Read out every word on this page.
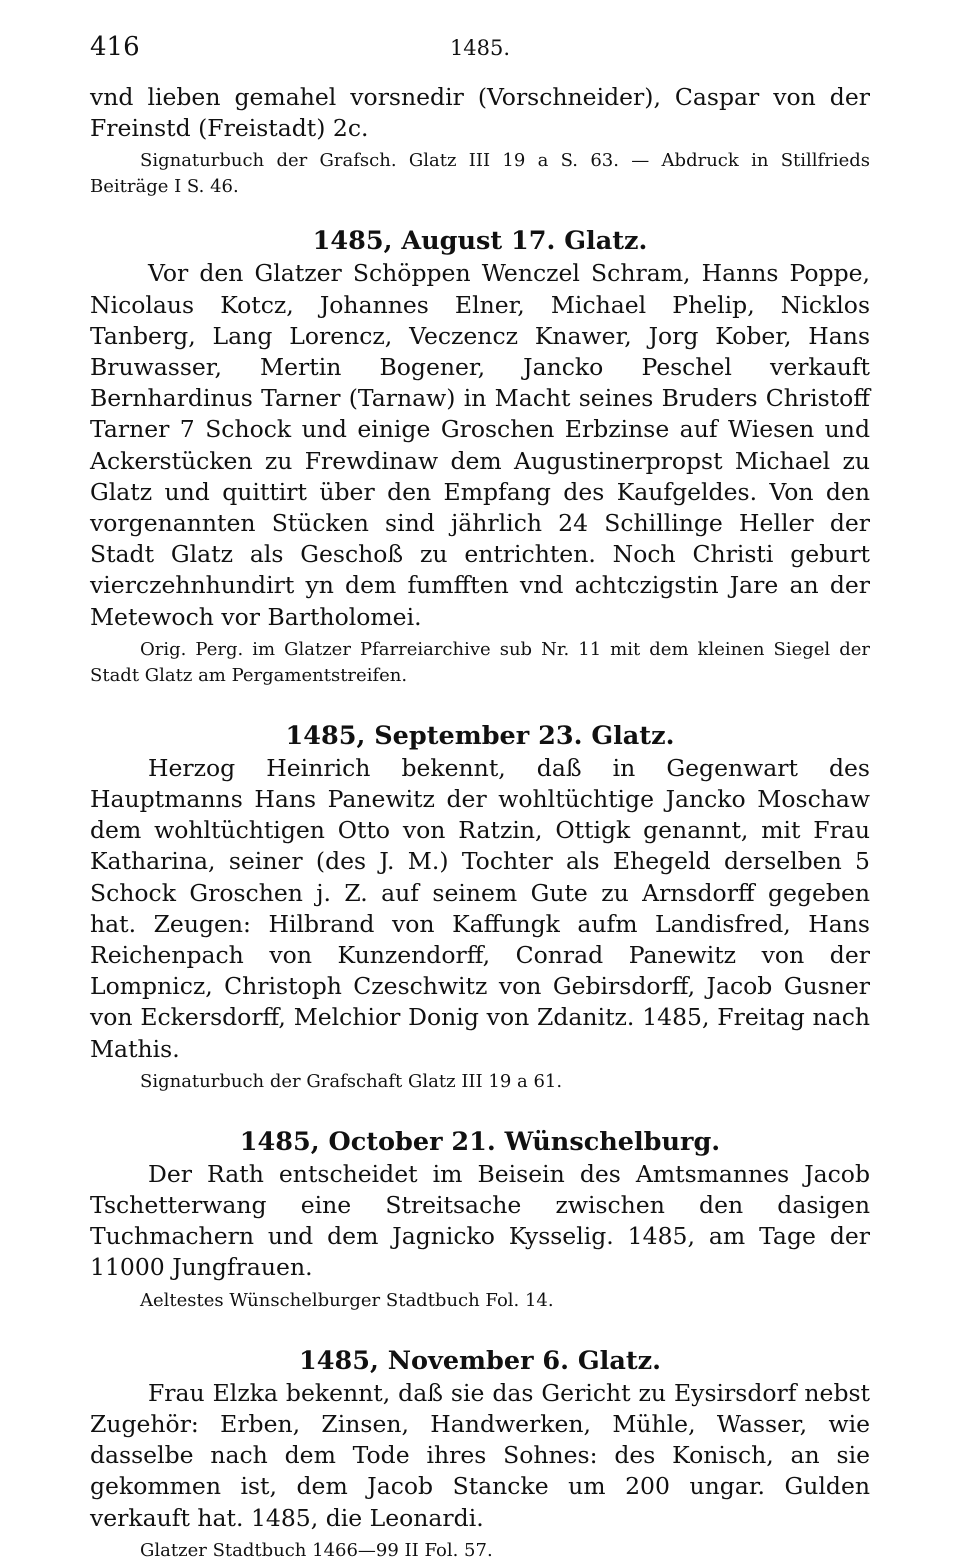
416	1485.

vnd lieben gemahel vorsnedir (Vorschneider), Caspar von der Freinstd (Freistadt) 2c.

Signaturbuch der Grafsch. Glatz III 19 a S. 63. — Abdruck in Stillfrieds Beiträge I S. 46.

1485, August 17. Glatz.

Vor den Glatzer Schöppen Wenczel Schram, Hanns Poppe, Nicolaus Kotcz, Johannes Elner, Michael Phelip, Nicklos Tanberg, Lang Lorencz, Veczencz Knawer, Jorg Kober, Hans Bruwasser, Mertin Bogener, Jancko Peschel verkauft Bernhardinus Tarner (Tarnaw) in Macht seines Bruders Christoff Tarner 7 Schock und einige Groschen Erbzinse auf Wiesen und Ackerstücken zu Frewdinaw dem Augustinerpropst Michael zu Glatz und quittirt über den Empfang des Kaufgeldes. Von den vorgenannten Stücken sind jährlich 24 Schillinge Heller der Stadt Glatz als Geschoß zu entrichten. Noch Christi geburt vierczehnhundirt yn dem fumfften vnd achtczigstin Jare an der Metewoch vor Bartholomei.

Orig. Perg. im Glatzer Pfarreiarchive sub Nr. 11 mit dem kleinen Siegel der Stadt Glatz am Pergamentstreifen.

1485, September 23. Glatz.

Herzog Heinrich bekennt, daß in Gegenwart des Hauptmanns Hans Panewitz der wohltüchtige Jancko Moschaw dem wohltüchtigen Otto von Ratzin, Ottigk genannt, mit Frau Katharina, seiner (des J. M.) Tochter als Ehegeld derselben 5 Schock Groschen j. Z. auf seinem Gute zu Arnsdorff gegeben hat. Zeugen: Hilbrand von Kaffungk aufm Landisfred, Hans Reichenpach von Kunzendorff, Conrad Panewitz von der Lompnicz, Christoph Czeschwitz von Gebirsdorff, Jacob Gusner von Eckersdorff, Melchior Donig von Zdanitz. 1485, Freitag nach Mathis.

Signaturbuch der Grafschaft Glatz III 19 a 61.

1485, October 21. Wünschelburg.

Der Rath entscheidet im Beisein des Amtsmannes Jacob Tschetterwang eine Streitsache zwischen den dasigen Tuchmachern und dem Jagnicko Kysselig. 1485, am Tage der 11000 Jungfrauen.

Aeltestes Wünschelburger Stadtbuch Fol. 14.

1485, November 6. Glatz.

Frau Elzka bekennt, daß sie das Gericht zu Eysirsdorf nebst Zugehör: Erben, Zinsen, Handwerken, Mühle, Wasser, wie dasselbe nach dem Tode ihres Sohnes: des Konisch, an sie gekommen ist, dem Jacob Stancke um 200 ungar. Gulden verkauft hat. 1485, die Leonardi.

Glatzer Stadtbuch 1466—99 II Fol. 57.
